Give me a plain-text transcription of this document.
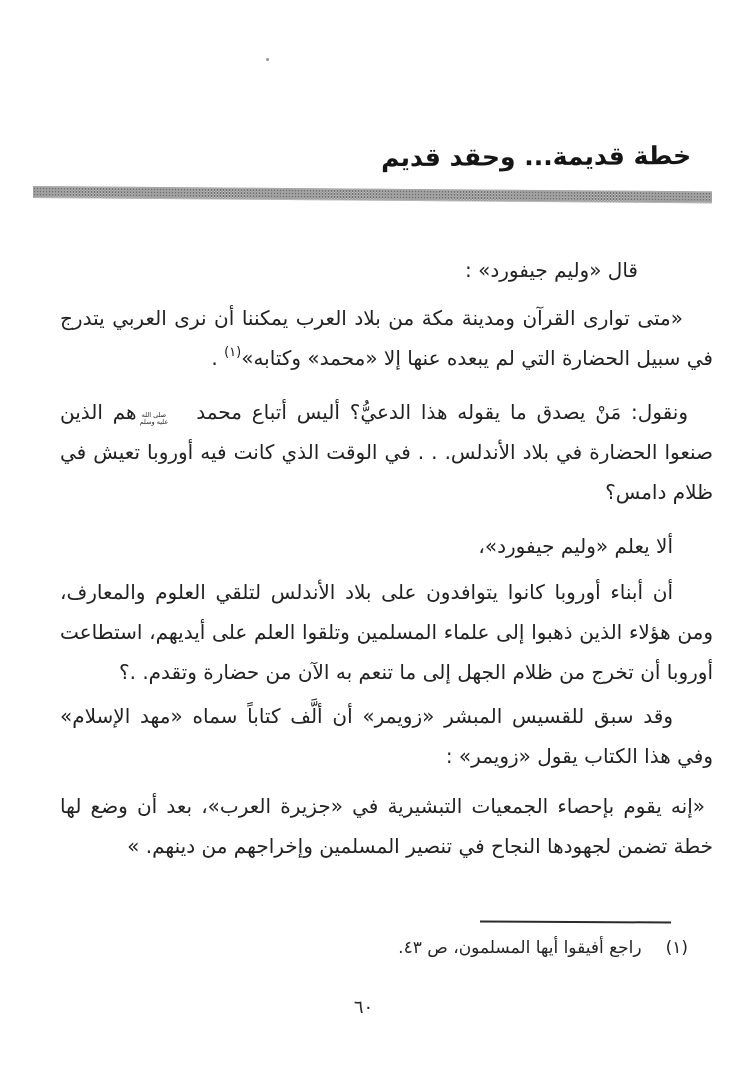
خطة قديمة... وحقد قديم

قال «وليم جيفورد» :

«متى توارى القرآن ومدينة مكة من بلاد العرب يمكننا أن نرى العربي يتدرج في سبيل الحضارة التي لم يبعده عنها إلا «محمد» وكتابه»$^{(١)}$ .

ونقول: مَنْ يصدق ما يقوله هذا الدعيُّ؟ أليس أتباع محمد
صلى الله
عليه وسلم
هم الذين صنعوا الحضارة في بلاد الأندلس. . . في الوقت الذي كانت فيه أوروبا تعيش في ظلام دامس؟

ألا يعلم «وليم جيفورد»،

أن أبناء أوروبا كانوا يتوافدون على بلاد الأندلس لتلقي العلوم والمعارف، ومن هؤلاء الذين ذهبوا إلى علماء المسلمين وتلقوا العلم على أيديهم، استطاعت أوروبا أن تخرج من ظلام الجهل إلى ما تنعم به الآن من حضارة وتقدم. .؟

وقد سبق للقسيس المبشر «زويمر» أن ألَّف كتاباً سماه «مهد الإسلام» وفي هذا الكتاب يقول «زويمر» :

«إنه يقوم بإحصاء الجمعيات التبشيرية في «جزيرة العرب»، بعد أن وضع لها خطة تضمن لجهودها النجاح في تنصير المسلمين وإخراجهم من دينهم. »

(١)راجع أفيقوا أيها المسلمون، ص ٤٣.
٦٠
